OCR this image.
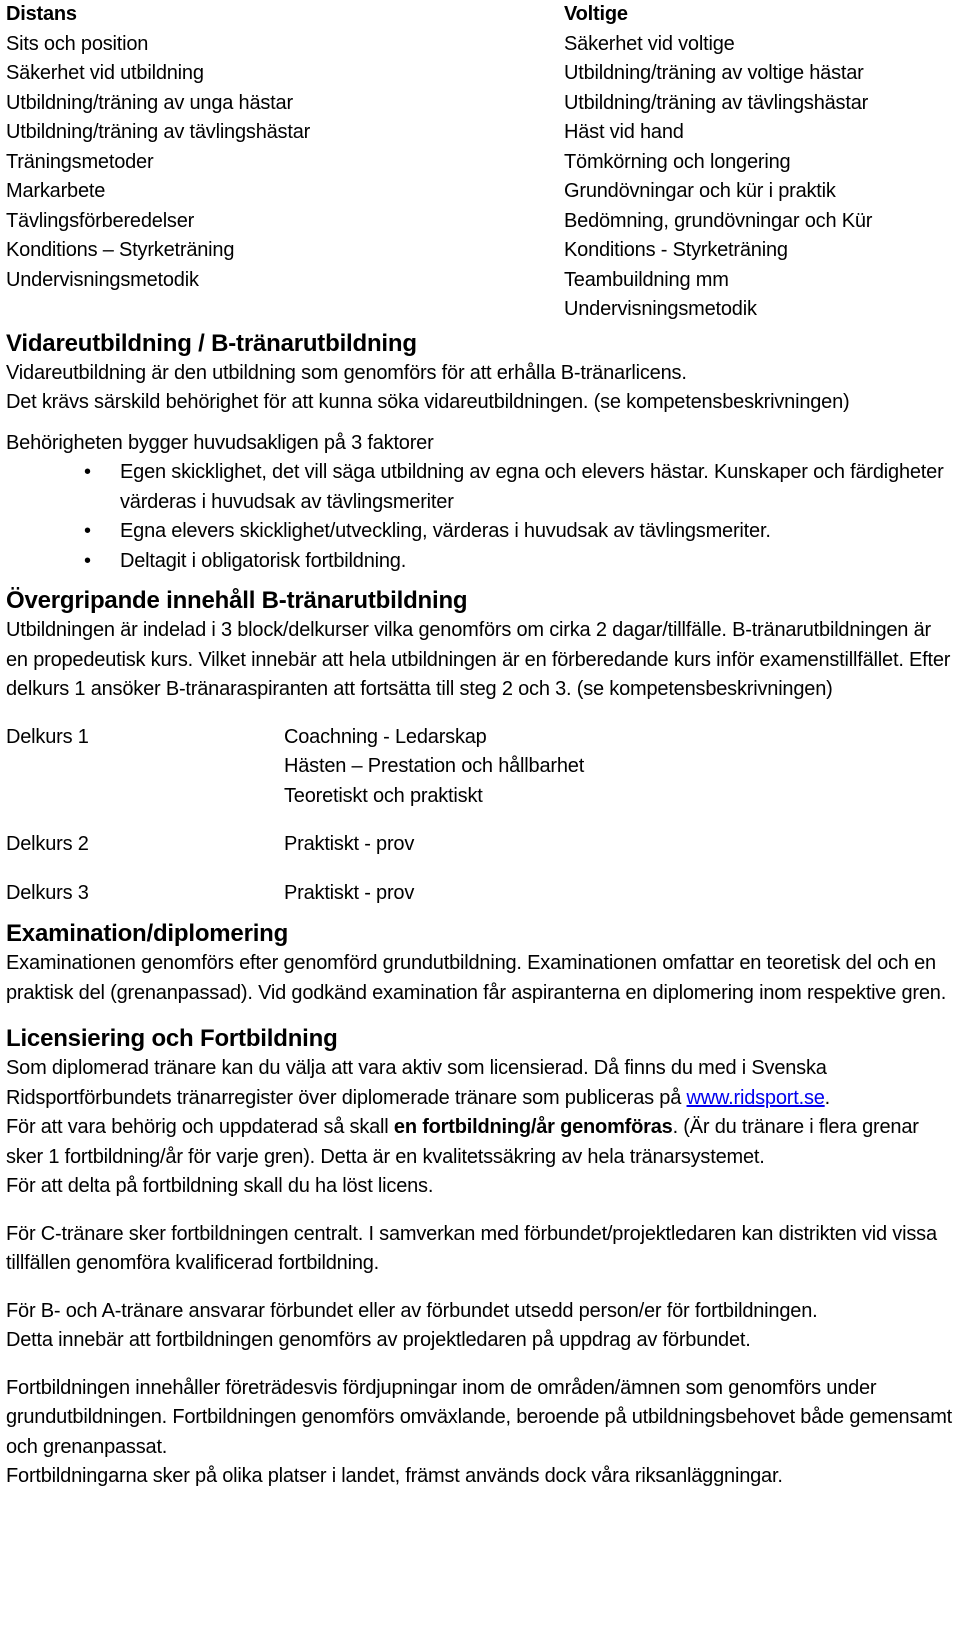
Distans
Sits och position
Säkerhet vid utbildning
Utbildning/träning av unga hästar
Utbildning/träning av tävlingshästar
Träningsmetoder
Markarbete
Tävlingsförberedelser
Konditions – Styrketräning
Undervisningsmetodik
Voltige
Säkerhet vid voltige
Utbildning/träning av voltige hästar
Utbildning/träning av tävlingshästar
Häst vid hand
Tömkörning och longering
Grundövningar och kür i praktik
Bedömning, grundövningar och Kür
Konditions - Styrketräning
Teambuildning mm
Undervisningsmetodik
Vidareutbildning / B-tränarutbildning

Vidareutbildning är den utbildning som genomförs för att erhålla B-tränarlicens.

Det krävs särskild behörighet för att kunna söka vidareutbildningen. (se kompetensbeskrivningen)

Behörigheten bygger huvudsakligen på 3 faktorer

• Egen skicklighet, det vill säga utbildning av egna och elevers hästar. Kunskaper och färdigheter värderas i huvudsak av tävlingsmeriter
• Egna elevers skicklighet/utveckling, värderas i huvudsak av tävlingsmeriter.
• Deltagit i obligatorisk fortbildning.
Övergripande innehåll B-tränarutbildning

Utbildningen är indelad i 3 block/delkurser vilka genomförs om cirka 2 dagar/tillfälle. B-tränarutbildningen är en propedeutisk kurs. Vilket innebär att hela utbildningen är en förberedande kurs inför examenstillfället. Efter delkurs 1 ansöker B-tränaraspiranten att fortsätta till steg 2 och 3. (se kompetensbeskrivningen)

Delkurs 1	Coachning - Ledarskap
Hästen – Prestation och hållbarhet
Teoretiskt och praktiskt
Delkurs 2	Praktiskt - prov
Delkurs 3	Praktiskt - prov
Examination/diplomering

Examinationen genomförs efter genomförd grundutbildning. Examinationen omfattar en teoretisk del och en praktisk del (grenanpassad). Vid godkänd examination får aspiranterna en diplomering inom respektive gren.

Licensiering och Fortbildning

Som diplomerad tränare kan du välja att vara aktiv som licensierad. Då finns du med i Svenska Ridsportförbundets tränarregister över diplomerade tränare som publiceras på www.ridsport.se.

För att vara behörig och uppdaterad så skall en fortbildning/år genomföras. (Är du tränare i flera grenar sker 1 fortbildning/år för varje gren). Detta är en kvalitetssäkring av hela tränarsystemet.

För att delta på fortbildning skall du ha löst licens.

För C-tränare sker fortbildningen centralt. I samverkan med förbundet/projektledaren kan distrikten vid vissa tillfällen genomföra kvalificerad fortbildning.

För B- och A-tränare ansvarar förbundet eller av förbundet utsedd person/er för fortbildningen.

Detta innebär att fortbildningen genomförs av projektledaren på uppdrag av förbundet.

Fortbildningen innehåller företrädesvis fördjupningar inom de områden/ämnen som genomförs under grundutbildningen. Fortbildningen genomförs omväxlande, beroende på utbildningsbehovet både gemensamt och grenanpassat.

Fortbildningarna sker på olika platser i landet, främst används dock våra riksanläggningar.
